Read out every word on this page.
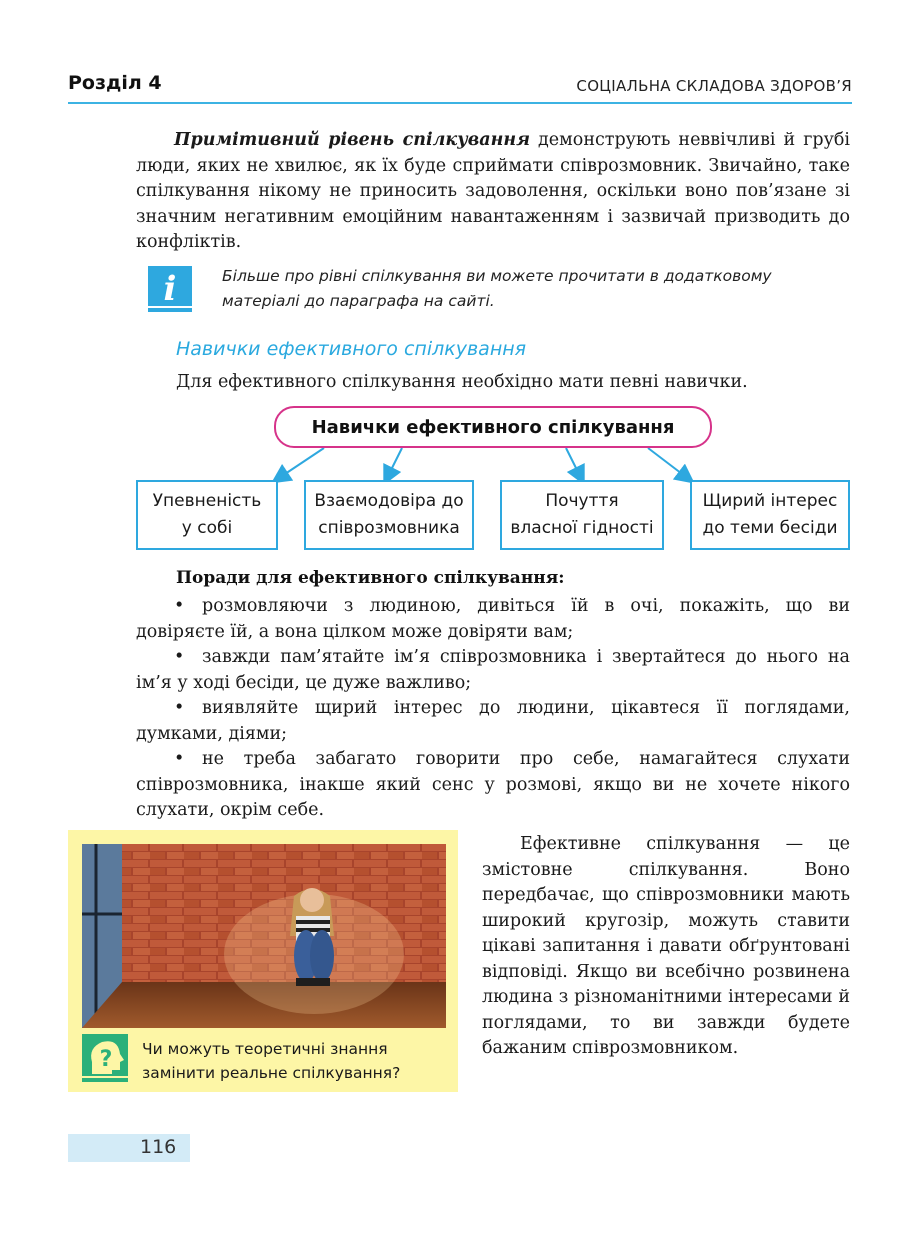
Розділ 4	СОЦІАЛЬНА СКЛАДОВА ЗДОРОВ’Я
Примітивний рівень спілкування демонструють неввічливі й грубі люди, яких не хвилює, як їх буде сприймати співрозмовник. Звичайно, таке спілкування нікому не приносить задоволення, оскільки воно пов’язане зі значним негативним емоційним навантаженням і зазвичай призводить до конфліктів.
i	Більше про рівні спілкування ви можете прочитати в додатковому матеріалі до параграфа на сайті.
Навички ефективного спілкування
Для ефективного спілкування необхідно мати певні навички.
Навички ефективного спілкування
Упевненість
у собі
Взаємодовіра до
співрозмовника
Почуття
власної гідності
Щирий інтерес
до теми бесіди
Поради для ефективного спілкування:
• розмовляючи з людиною, дивіться їй в очі, покажіть, що ви довіряєте їй, а вона цілком може довіряти вам;
• завжди пам’ятайте ім’я співрозмовника і звертайтеся до нього на ім’я у ході бесіди, це дуже важливо;
• виявляйте щирий інтерес до людини, цікавтеся її поглядами, думками, діями;
• не треба забагато говорити про себе, намагайтеся слухати співрозмовника, інакше який сенс у розмові, якщо ви не хочете нікого слухати, окрім себе.
? Чи можуть теоретичні знання замінити реальне спілкування?

Ефективне спілкування — це змістовне спілкування. Воно передбачає, що співрозмовники мають широкий кругозір, можуть ставити цікаві запитання і давати обґрунтовані відповіді. Якщо ви всебічно розвинена людина з різноманітними інтересами й поглядами, то ви завжди будете бажаним співрозмовником.

116
